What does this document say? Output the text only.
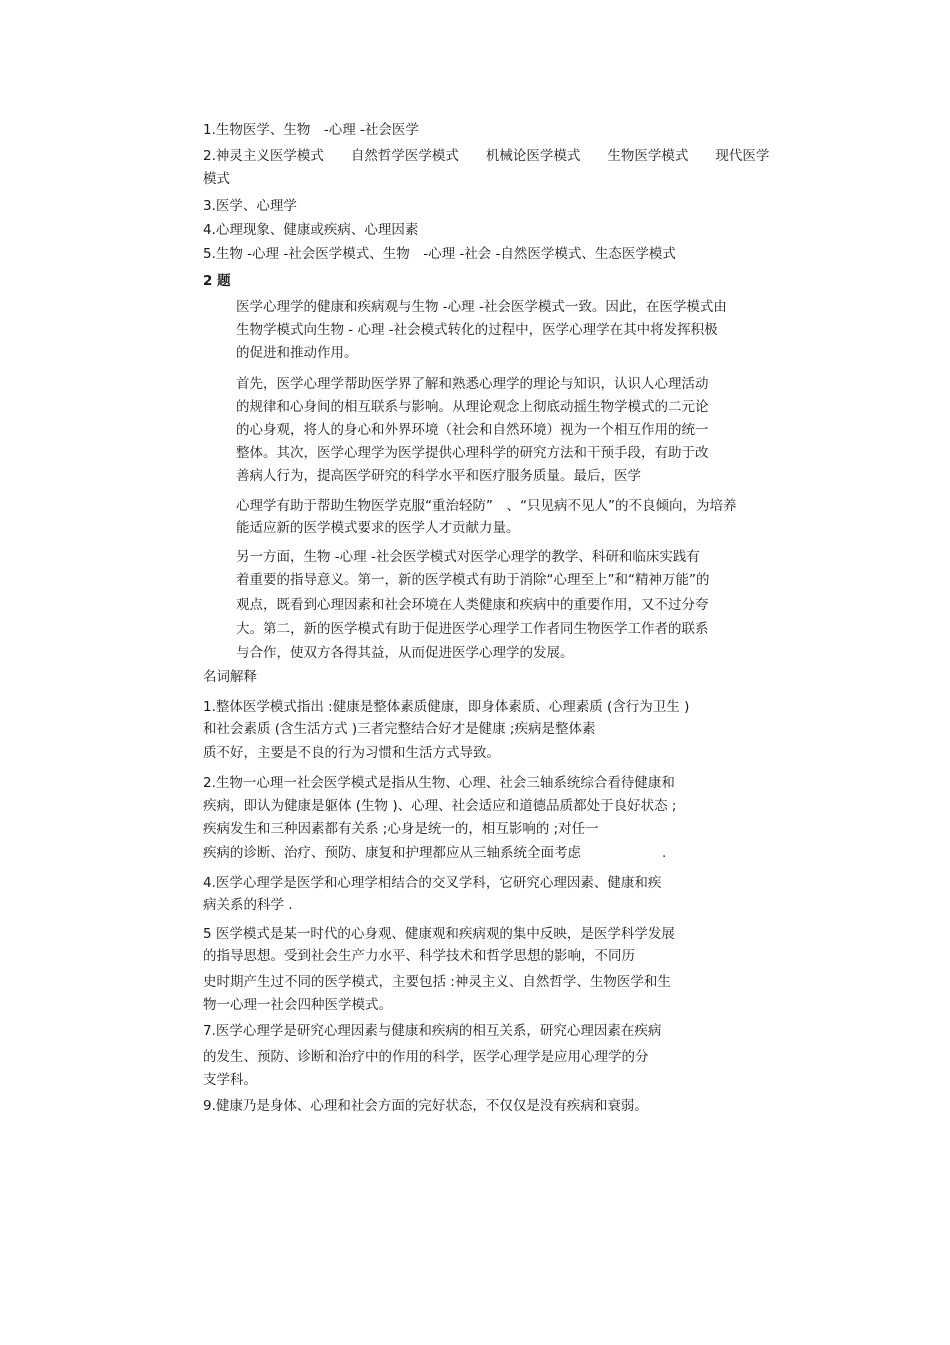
1.生物医学、生物　-心理 -社会医学

2.神灵主义医学模式　　自然哲学医学模式　　机械论医学模式　　生物医学模式　　现代医学

模式

3.医学、心理学

4.心理现象、健康或疾病、心理因素

5.生物 -心理 -社会医学模式、生物　-心理 -社会 -自然医学模式、生态医学模式

2 题

医学心理学的健康和疾病观与生物 -心理 -社会医学模式一致。因此，在医学模式由

生物学模式向生物 - 心理 -社会模式转化的过程中，医学心理学在其中将发挥积极

的促进和推动作用。

首先，医学心理学帮助医学界了解和熟悉心理学的理论与知识，认识人心理活动

的规律和心身间的相互联系与影响。从理论观念上彻底动摇生物学模式的二元论

的心身观，将人的身心和外界环境（社会和自然环境）视为一个相互作用的统一

整体。其次，医学心理学为医学提供心理科学的研究方法和干预手段，有助于改

善病人行为，提高医学研究的科学水平和医疗服务质量。最后，医学

心理学有助于帮助生物医学克服“重治轻防”　、“只见病不见人”的不良倾向，为培养

能适应新的医学模式要求的医学人才贡献力量。

另一方面，生物 -心理 -社会医学模式对医学心理学的教学、科研和临床实践有

着重要的指导意义。第一，新的医学模式有助于消除“心理至上”和“精神万能”的

观点，既看到心理因素和社会环境在人类健康和疾病中的重要作用，又不过分夸

大。第二，新的医学模式有助于促进医学心理学工作者同生物医学工作者的联系

与合作，使双方各得其益，从而促进医学心理学的发展。

名词解释

1.整体医学模式指出 :健康是整体素质健康，即身体素质、心理素质 (含行为卫生 )

和社会素质 (含生活方式 )三者完整结合好才是健康 ;疾病是整体素

质不好，主要是不良的行为习惯和生活方式导致。

2.生物一心理一社会医学模式是指从生物、心理、社会三轴系统综合看待健康和

疾病，即认为健康是躯体 (生物 )、心理、社会适应和道德品质都处于良好状态 ;

疾病发生和三种因素都有关系 ;心身是统一的，相互影响的 ;对任一

疾病的诊断、治疗、预防、康复和护理都应从三轴系统全面考虑　　　　　　.

4.医学心理学是医学和心理学相结合的交叉学科，它研究心理因素、健康和疾

病关系的科学 .

5 医学模式是某一时代的心身观、健康观和疾病观的集中反映，是医学科学发展

的指导思想。受到社会生产力水平、科学技术和哲学思想的影响，不同历

史时期产生过不同的医学模式，主要包括 :神灵主义、自然哲学、生物医学和生

物一心理一社会四种医学模式。

7.医学心理学是研究心理因素与健康和疾病的相互关系，研究心理因素在疾病

的发生、预防、诊断和治疗中的作用的科学，医学心理学是应用心理学的分

支学科。

9.健康乃是身体、心理和社会方面的完好状态，不仅仅是没有疾病和衰弱。
